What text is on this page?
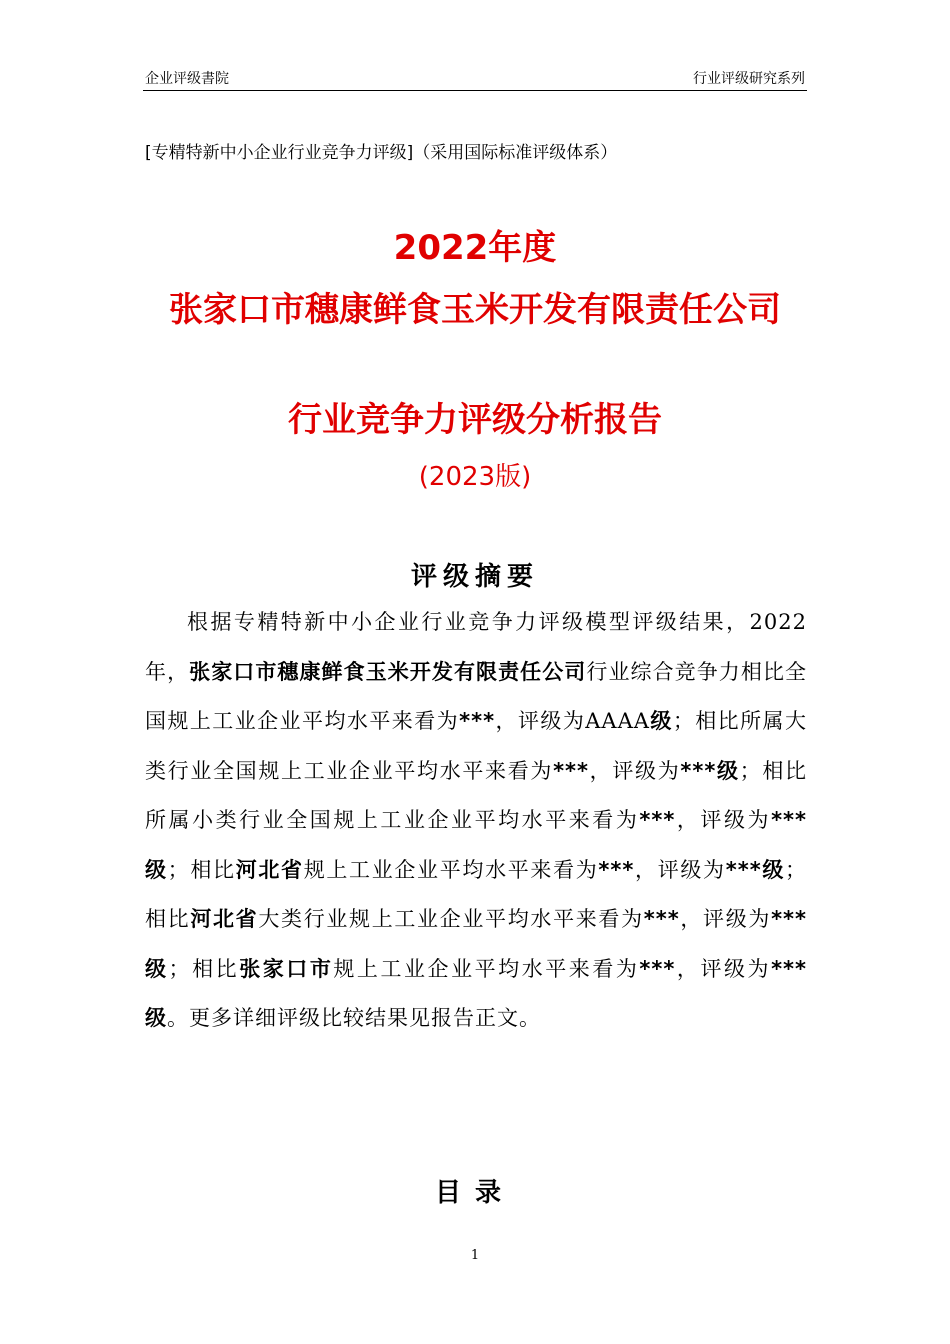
企业评级書院	行业评级研究系列
[专精特新中小企业行业竞争力评级]（采用国际标准评级体系）
2022年度
张家口市穗康鲜食玉米开发有限责任公司
行业竞争力评级分析报告
(2023版)
评级摘要
根据专精特新中小企业行业竞争力评级模型评级结果，2022年，张家口市穗康鲜食玉米开发有限责任公司行业综合竞争力相比全国规上工业企业平均水平来看为***，评级为AAAA级；相比所属大类行业全国规上工业企业平均水平来看为***，评级为***级；相比所属小类行业全国规上工业企业平均水平来看为***，评级为***级；相比河北省规上工业企业平均水平来看为***，评级为***级；相比河北省大类行业规上工业企业平均水平来看为***，评级为***级；相比张家口市规上工业企业平均水平来看为***，评级为***级。更多详细评级比较结果见报告正文。
目录
1
